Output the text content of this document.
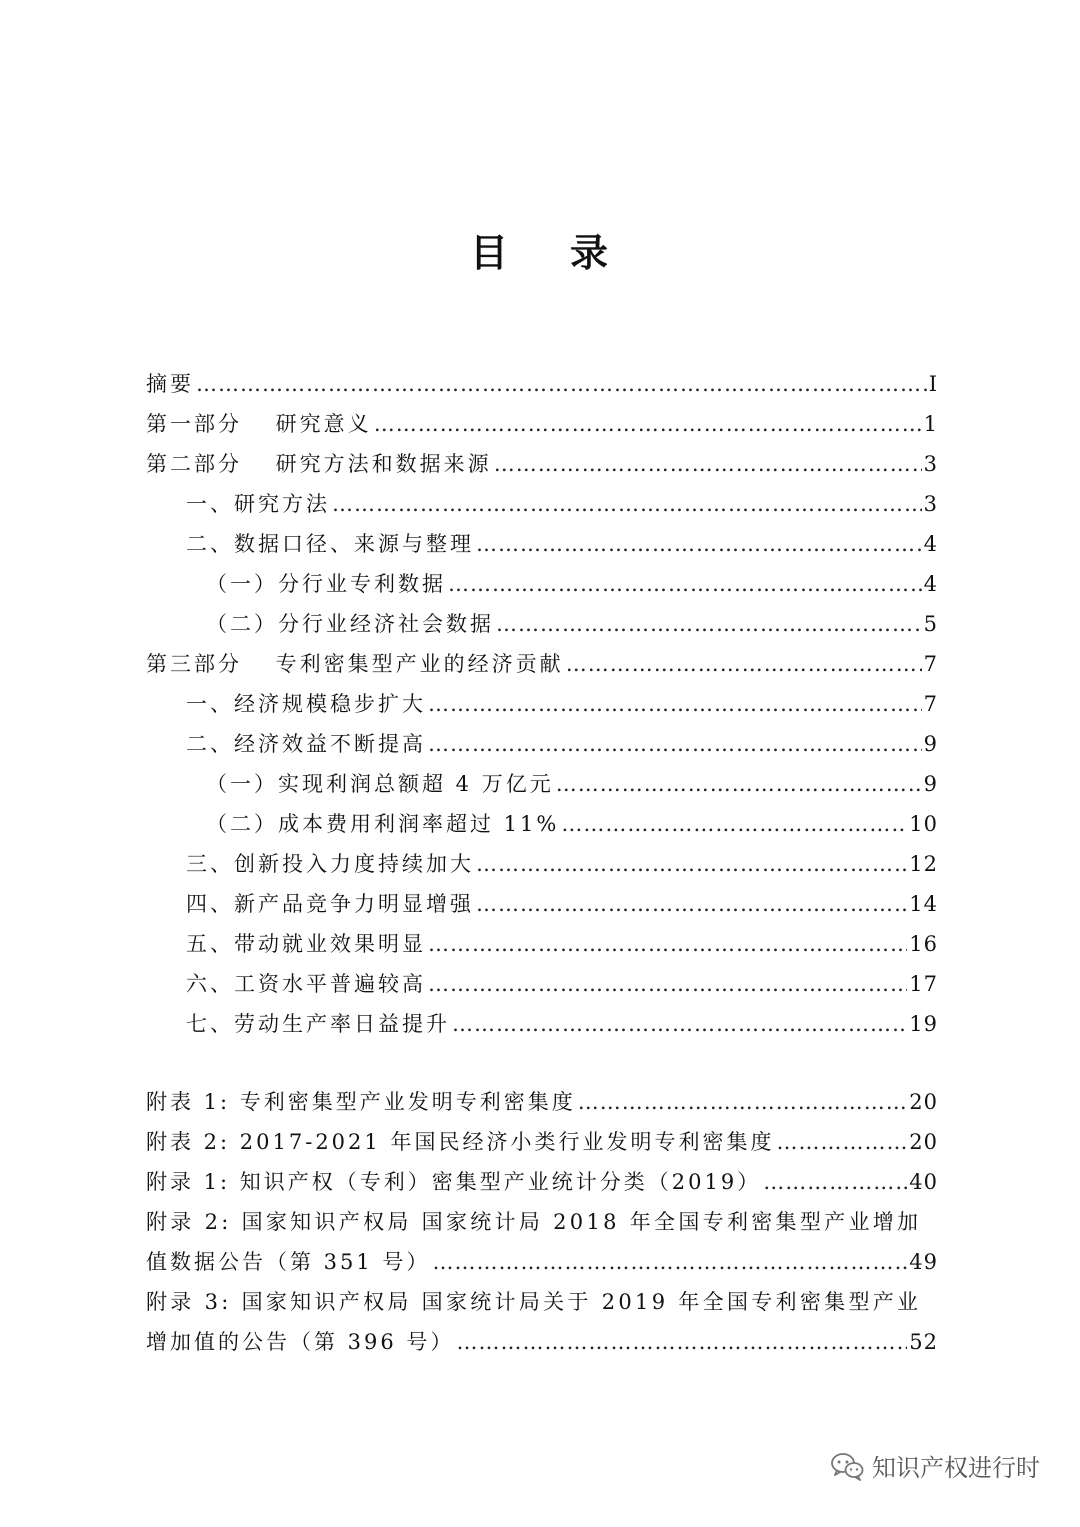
目 录
摘要 ……………………………………………………………………………………………………………………………………………………………	I
第一部分　 研究意义 ……………………………………………………………………………………………………………………………………………………………	1
第二部分　 研究方法和数据来源 ……………………………………………………………………………………………………………………………………………………………	3
一、研究方法 ……………………………………………………………………………………………………………………………………………………………	3
二、数据口径、来源与整理 ……………………………………………………………………………………………………………………………………………………………	4
（一）分行业专利数据 ……………………………………………………………………………………………………………………………………………………………	4
（二）分行业经济社会数据 ……………………………………………………………………………………………………………………………………………………………	5
第三部分　 专利密集型产业的经济贡献 ……………………………………………………………………………………………………………………………………………………………	7
一、经济规模稳步扩大 ……………………………………………………………………………………………………………………………………………………………	7
二、经济效益不断提高 ……………………………………………………………………………………………………………………………………………………………	9
（一）实现利润总额超 4 万亿元 ……………………………………………………………………………………………………………………………………………………………	9
（二）成本费用利润率超过 11% ……………………………………………………………………………………………………………………………………………………………	10
三、创新投入力度持续加大 ……………………………………………………………………………………………………………………………………………………………	12
四、新产品竞争力明显增强 ……………………………………………………………………………………………………………………………………………………………	14
五、带动就业效果明显 ……………………………………………………………………………………………………………………………………………………………	16
六、工资水平普遍较高 ……………………………………………………………………………………………………………………………………………………………	17
七、劳动生产率日益提升 ……………………………………………………………………………………………………………………………………………………………	19
附表 1: 专利密集型产业发明专利密集度 ……………………………………………………………………………………………………………………………………………………………	20
附表 2: 2017-2021 年国民经济小类行业发明专利密集度 ……………………………………………………………………………………………………………………………………………………………	20
附录 1: 知识产权（专利）密集型产业统计分类（2019） ……………………………………………………………………………………………………………………………………………………………	40
附录 2: 国家知识产权局 国家统计局 2018 年全国专利密集型产业增加
值数据公告（第 351 号） ……………………………………………………………………………………………………………………………………………………………	49
附录 3: 国家知识产权局 国家统计局关于 2019 年全国专利密集型产业
增加值的公告（第 396 号） ……………………………………………………………………………………………………………………………………………………………	52
知识产权进行时
